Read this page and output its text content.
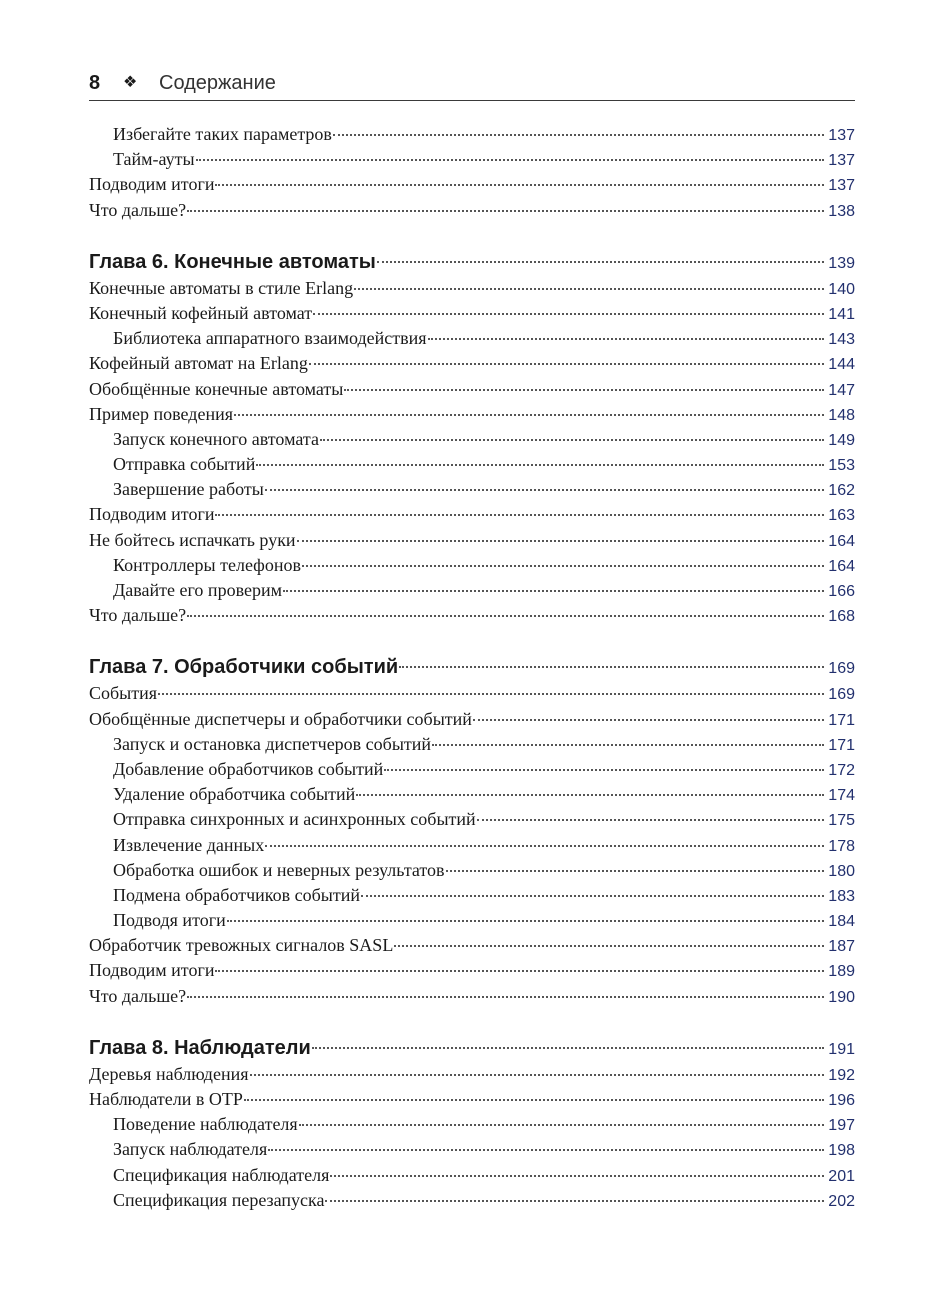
8 ❖ Содержание
Избегайте таких параметров	137
Тайм-ауты	137
Подводим итоги	137
Что дальше?	138
Глава 6. Конечные автоматы	139
Конечные автоматы в стиле Erlang	140
Конечный кофейный автомат	141
Библиотека аппаратного взаимодействия	143
Кофейный автомат на Erlang	144
Обобщённые конечные автоматы	147
Пример поведения	148
Запуск конечного автомата	149
Отправка событий	153
Завершение работы	162
Подводим итоги	163
Не бойтесь испачкать руки	164
Контроллеры телефонов	164
Давайте его проверим	166
Что дальше?	168
Глава 7. Обработчики событий	169
События	169
Обобщённые диспетчеры и обработчики событий	171
Запуск и остановка диспетчеров событий	171
Добавление обработчиков событий	172
Удаление обработчика событий	174
Отправка синхронных и асинхронных событий	175
Извлечение данных	178
Обработка ошибок и неверных результатов	180
Подмена обработчиков событий	183
Подводя итоги	184
Обработчик тревожных сигналов SASL	187
Подводим итоги	189
Что дальше?	190
Глава 8. Наблюдатели	191
Деревья наблюдения	192
Наблюдатели в OTP	196
Поведение наблюдателя	197
Запуск наблюдателя	198
Спецификация наблюдателя	201
Спецификация перезапуска	202
